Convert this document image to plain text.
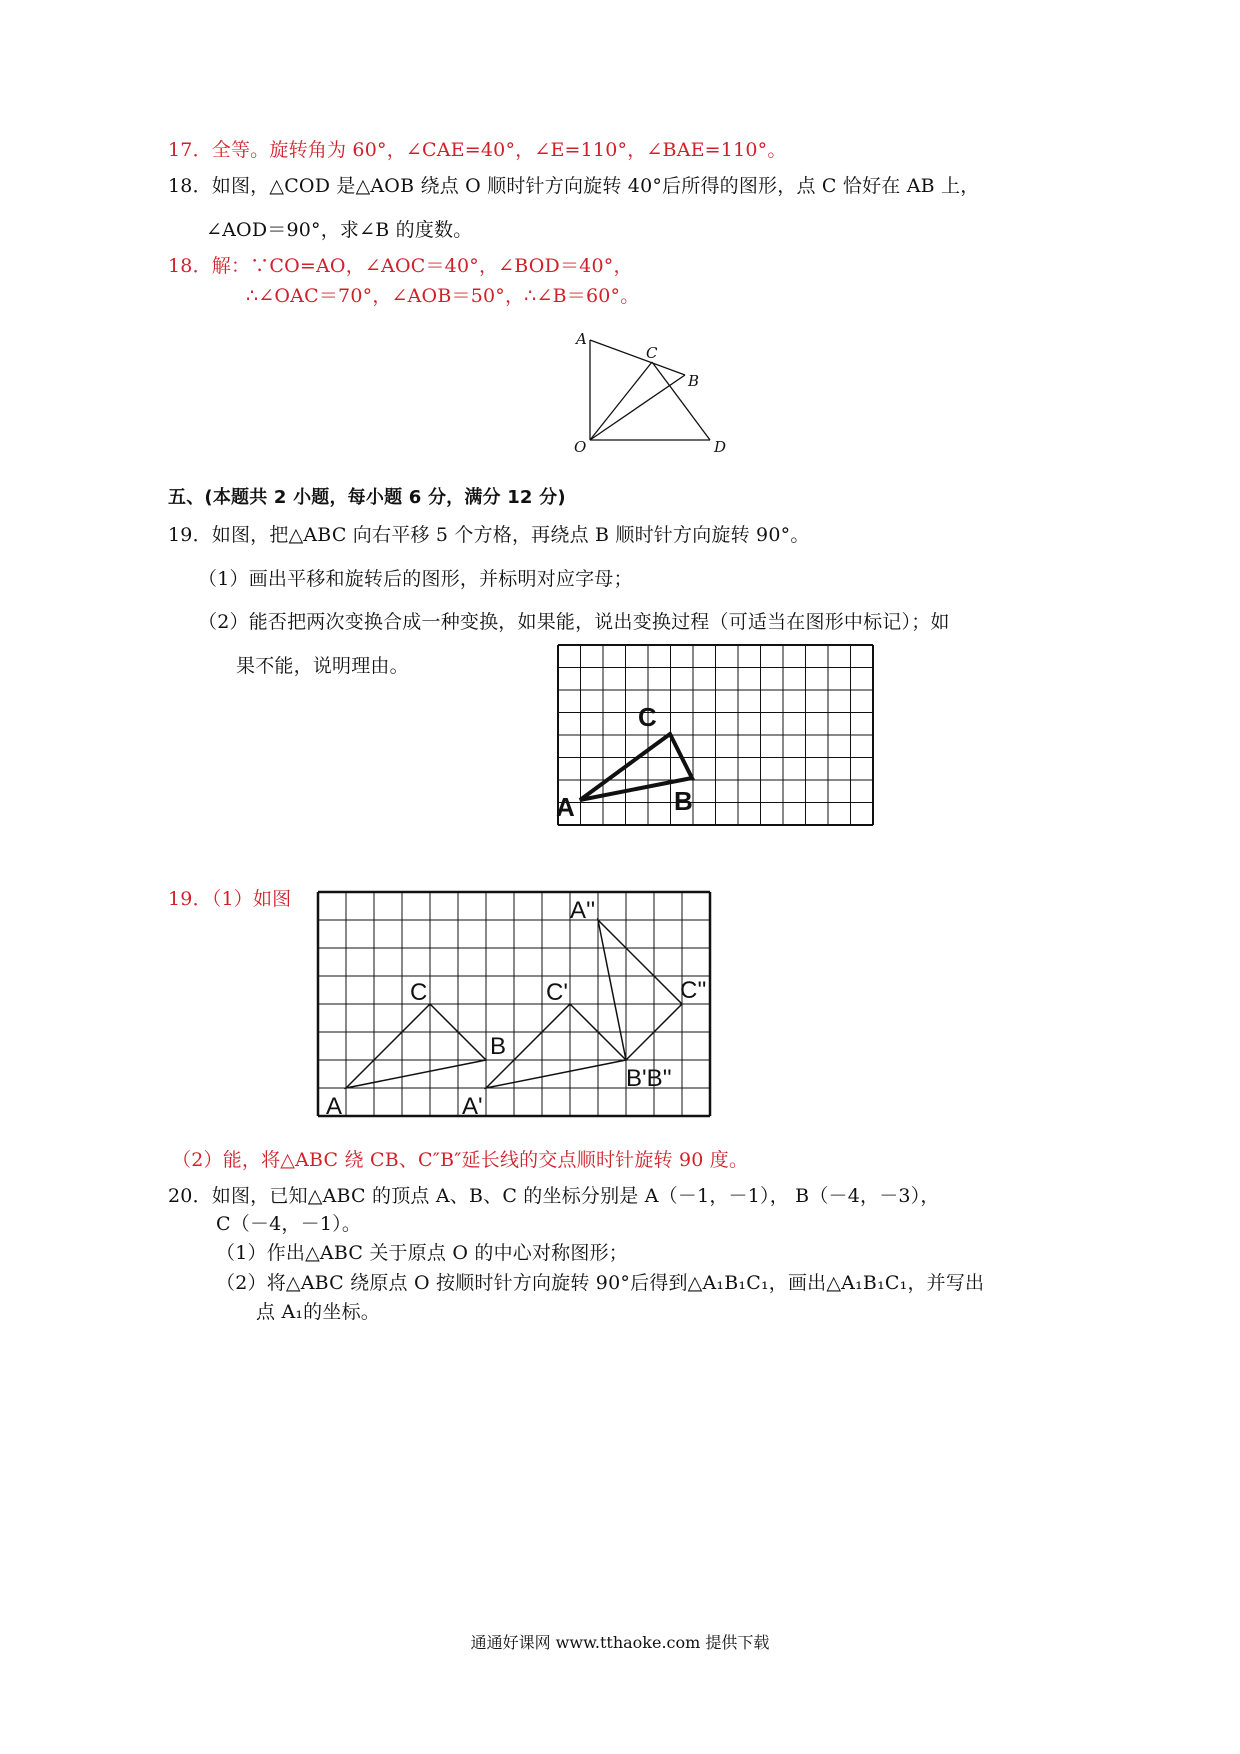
17．全等。旋转角为 60°，∠CAE=40°，∠E=110°，∠BAE=110°。
18．如图，△COD 是△AOB 绕点 O 顺时针方向旋转 40°后所得的图形，点 C 恰好在 AB 上，
∠AOD＝90°，求∠B 的度数。
18．解：∵CO=AO，∠AOC＝40°，∠BOD＝40°，
∴∠OAC＝70°，∠AOB＝50°，∴∠B＝60°。
A
C
B
O	D
五、(本题共 2 小题，每小题 6 分，满分 12 分)
19．如图，把△ABC 向右平移 5 个方格，再绕点 B 顺时针方向旋转 90°。
（1）画出平移和旋转后的图形，并标明对应字母；
（2）能否把两次变换合成一种变换，如果能，说出变换过程（可适当在图形中标记）；如
果不能，说明理由。
A	B
C
19．（1）如图
A
B
C
A'
C'
B'B''
A''
C''
（2）能，将△ABC 绕 CB、C″B″延长线的交点顺时针旋转 90 度。
20．如图，已知△ABC 的顶点 A、B、C 的坐标分别是 A（－1，－1）， B（－4，－3），
C（－4，－1）。
（1）作出△ABC 关于原点 O 的中心对称图形；
（2）将△ABC 绕原点 O 按顺时针方向旋转 90°后得到△A₁B₁C₁，画出△A₁B₁C₁，并写出
点 A₁的坐标。
通通好课网 www.tthaoke.com 提供下载
